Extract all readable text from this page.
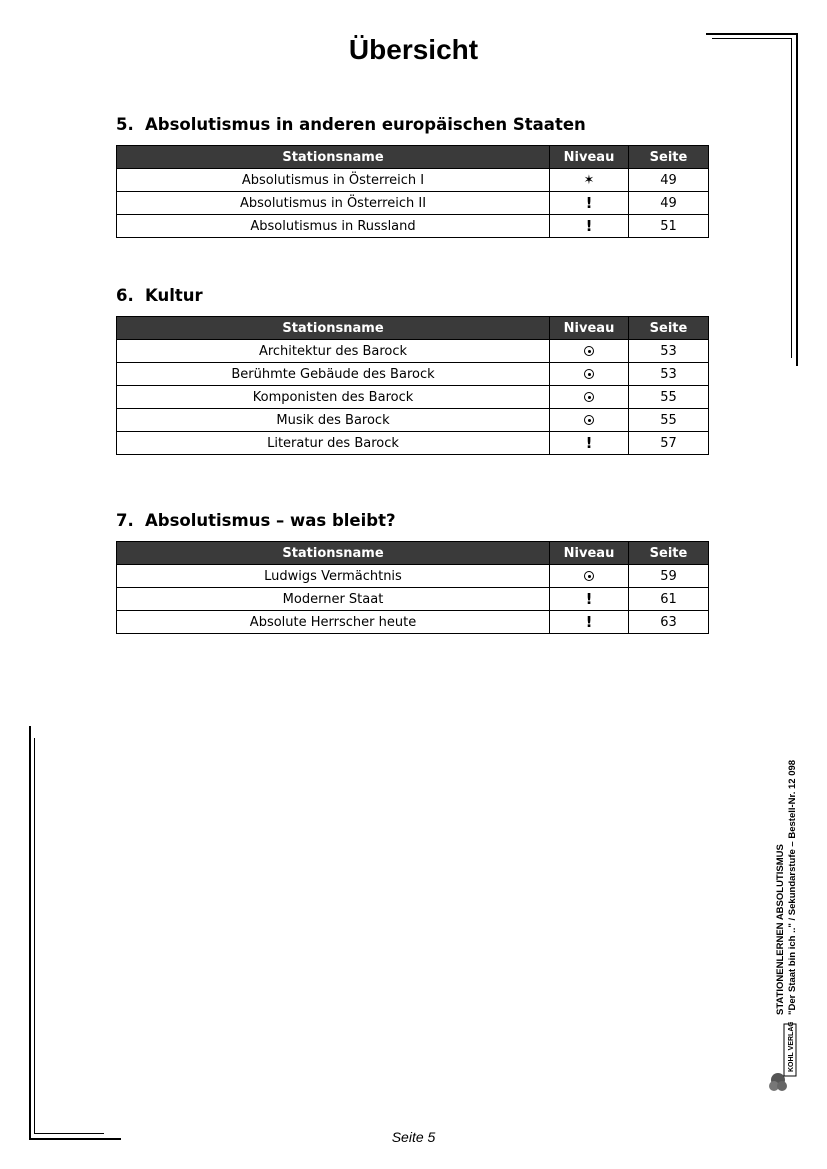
Übersicht
5. Absolutismus in anderen europäischen Staaten
Stationsname	Niveau	Seite
Absolutismus in Österreich I	✶	49
Absolutismus in Österreich II	!	49
Absolutismus in Russland	!	51
6. Kultur
Stationsname	Niveau	Seite
Architektur des Barock		53
Berühmte Gebäude des Barock		53
Komponisten des Barock		55
Musik des Barock		55
Literatur des Barock	!	57
7. Absolutismus – was bleibt?
Stationsname	Niveau	Seite
Ludwigs Vermächtnis		59
Moderner Staat	!	61
Absolute Herrscher heute	!	63
STATIONENLERNEN ABSOLUTISMUS "Der Staat bin ich .." / Sekundarstufe – Bestell-Nr. 12 098
KOHL VERLAG
Seite 5
